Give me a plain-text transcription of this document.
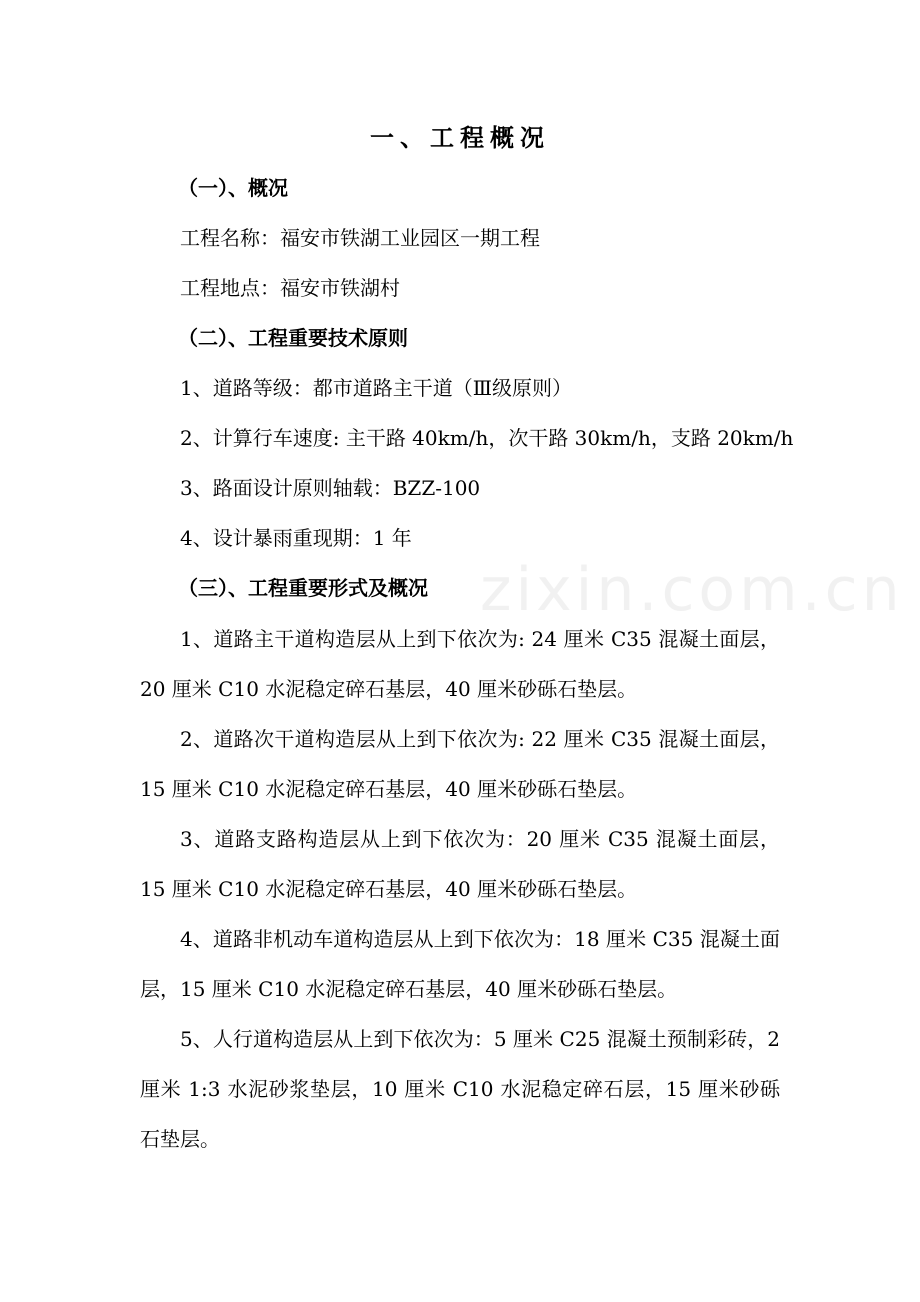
zixin.com.cn
一、工程概况
（一）、概况
工程名称：福安市铁湖工业园区一期工程
工程地点：福安市铁湖村
（二）、工程重要技术原则
1、道路等级：都市道路主干道（Ⅲ级原则）
2、计算行车速度: 主干路 40km/h，次干路 30km/h，支路 20km/h
3、路面设计原则轴载：BZZ-100
4、设计暴雨重现期：1 年
（三）、工程重要形式及概况
1、道路主干道构造层从上到下依次为: 24 厘米 C35 混凝土面层，20 厘米 C10 水泥稳定碎石基层，40 厘米砂砾石垫层。
2、道路次干道构造层从上到下依次为: 22 厘米 C35 混凝土面层，15 厘米 C10 水泥稳定碎石基层，40 厘米砂砾石垫层。
3、道路支路构造层从上到下依次为：20 厘米 C35 混凝土面层，15 厘米 C10 水泥稳定碎石基层，40 厘米砂砾石垫层。
4、道路非机动车道构造层从上到下依次为：18 厘米 C35 混凝土面层，15 厘米 C10 水泥稳定碎石基层，40 厘米砂砾石垫层。
5、人行道构造层从上到下依次为：5 厘米 C25 混凝土预制彩砖，2 厘米 1:3 水泥砂浆垫层，10 厘米 C10 水泥稳定碎石层，15 厘米砂砾石垫层。
